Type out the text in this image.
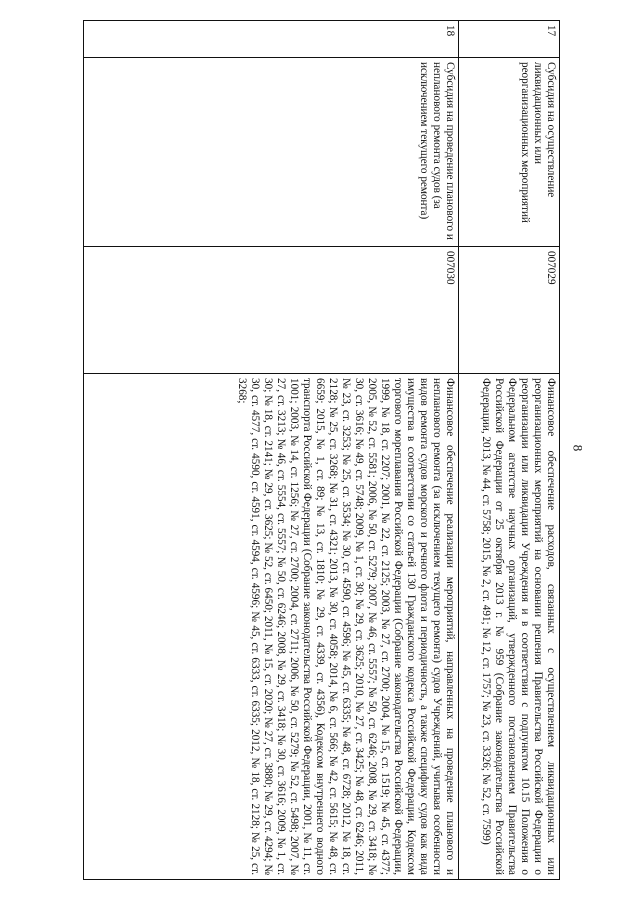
8
17	Субсидия на осуществление ликвидационных или реорганизационных мероприятий	007029	Финансовое обеспечение расходов, связанных с осуществлением ликвидационных или реорганизационных мероприятий на основании решения Правительства Российской Федерации о реорганизации или ликвидации Учреждения и в соответствии с подпунктом 10.15 Положения о Федеральном агентстве научных организаций, утвержденного постановлением Правительства Российской Федерации от 25 октября 2013 г. № 959 (Собрание законодательства Российской Федерации, 2013, № 44, ст. 5758; 2015, № 2, ст. 491; № 12, ст. 1757; № 23, ст. 3326; № 52, ст. 7599)
18	Субсидия на проведение планового и непланового ремонта судов (за исключением текущего ремонта)	007030	Финансовое обеспечение реализации мероприятий, направленных на проведение планового и непланового ремонта (за исключением текущего ремонта) судов Учреждений, учитывая особенности видов ремонта судов морского и речного флота и периодичность, а также специфику судов как вида имущества в соответствии со статьей 130 Гражданского кодекса Российской Федерации, Кодексом торгового мореплавания Российской Федерации (Собрание законодательства Российской Федерации, 1999, № 18, ст. 2207; 2001, № 22, ст. 2125; 2003, № 27, ст. 2700; 2004, № 15, ст. 1519; № 45, ст. 4377; 2005, № 52, ст. 5581; 2006, № 50, ст. 5279; 2007, № 46, ст. 5557; № 50, ст. 6246; 2008, № 29, ст. 3418; № 30, ст. 3616; № 49, ст. 5748; 2009, № 1, ст. 30; № 29, ст. 3625; 2010, № 27, ст. 3425; № 48, ст. 6246; 2011, № 23, ст. 3253; № 25, ст. 3534; № 30, ст. 4590, ст. 4596; № 45, ст. 6335; № 48, ст. 6728; 2012, № 18, ст. 2128; № 25, ст. 3268; № 31, ст. 4321; 2013, № 30, ст. 4058; 2014, № 6, ст. 566; № 42, ст. 5615; № 48, ст. 6659; 2015, № 1, ст. 89; № 13, ст. 1810; № 29, ст. 4339, ст. 4356), Кодексом внутреннего водного транспорта Российской Федерации (Собрание законодательства Российской Федерации, 2001, № 11, ст. 1001; 2003, № 14, ст. 1256; № 27, ст. 2700; 2004, ст. 2711; 2006, № 50, ст. 5279; № 52, ст. 5498; 2007, № 27, ст. 3213; № 46, ст. 5554, ст. 5557; № 50, ст. 6246; 2008, № 29, ст. 3418; № 30, ст. 3616; 2009, № 1, ст. 30; № 18, ст. 2141; № 29, ст. 3625; № 52, ст. 6450; 2011, № 15, ст. 2020; № 27, ст. 3880; № 29, ст. 4294; № 30, ст. 4577, ст. 4590, ст. 4591, ст. 4594, ст. 4596; № 45, ст. 6333, ст. 6335; 2012, № 18, ст. 2128; № 25, ст. 3268;
